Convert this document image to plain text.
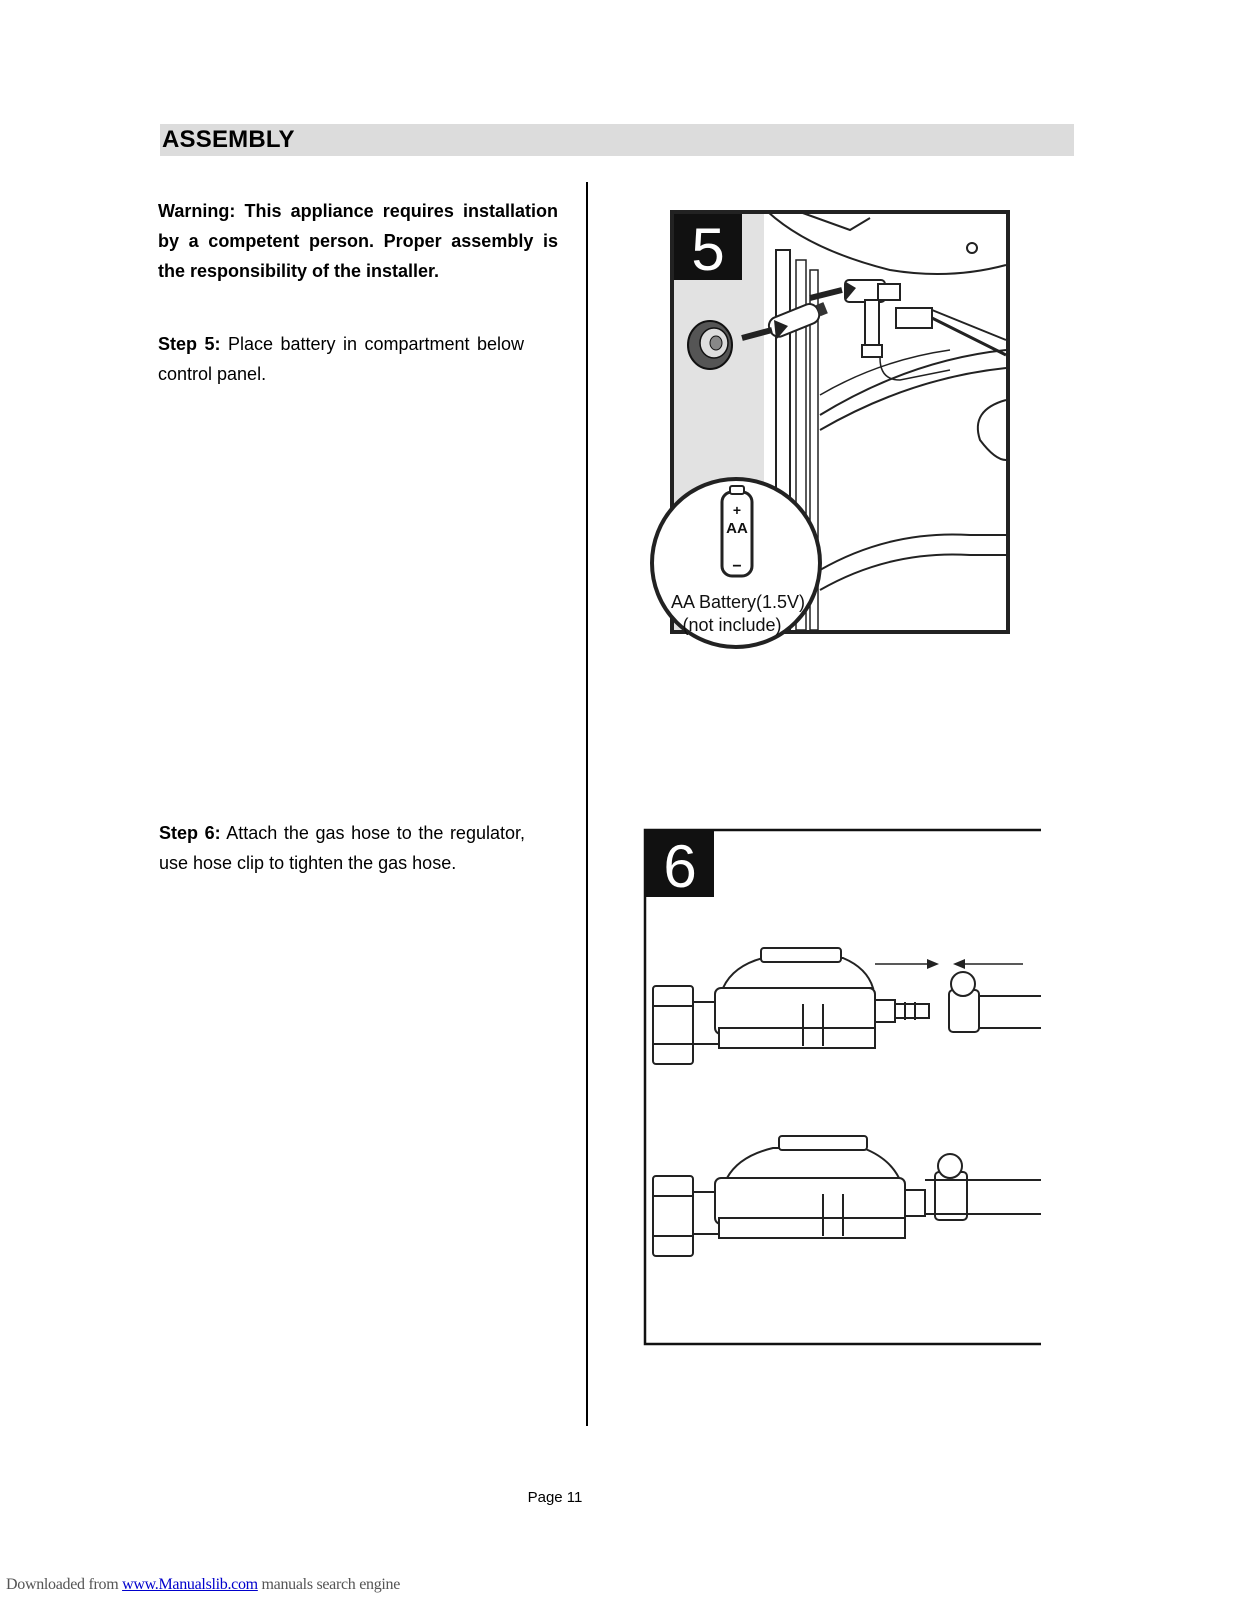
ASSEMBLY

Warning: This appliance requires installation by a competent person. Proper assembly is the responsibility of the installer.

Step 5: Place battery in compartment below control panel.

Step 6: Attach the gas hose to the regulator, use hose clip to tighten the gas hose.

5
+
AA
−
AA Battery(1.5V)
(not include)
6
Page 11
Downloaded from www.Manualslib.com manuals search engine
